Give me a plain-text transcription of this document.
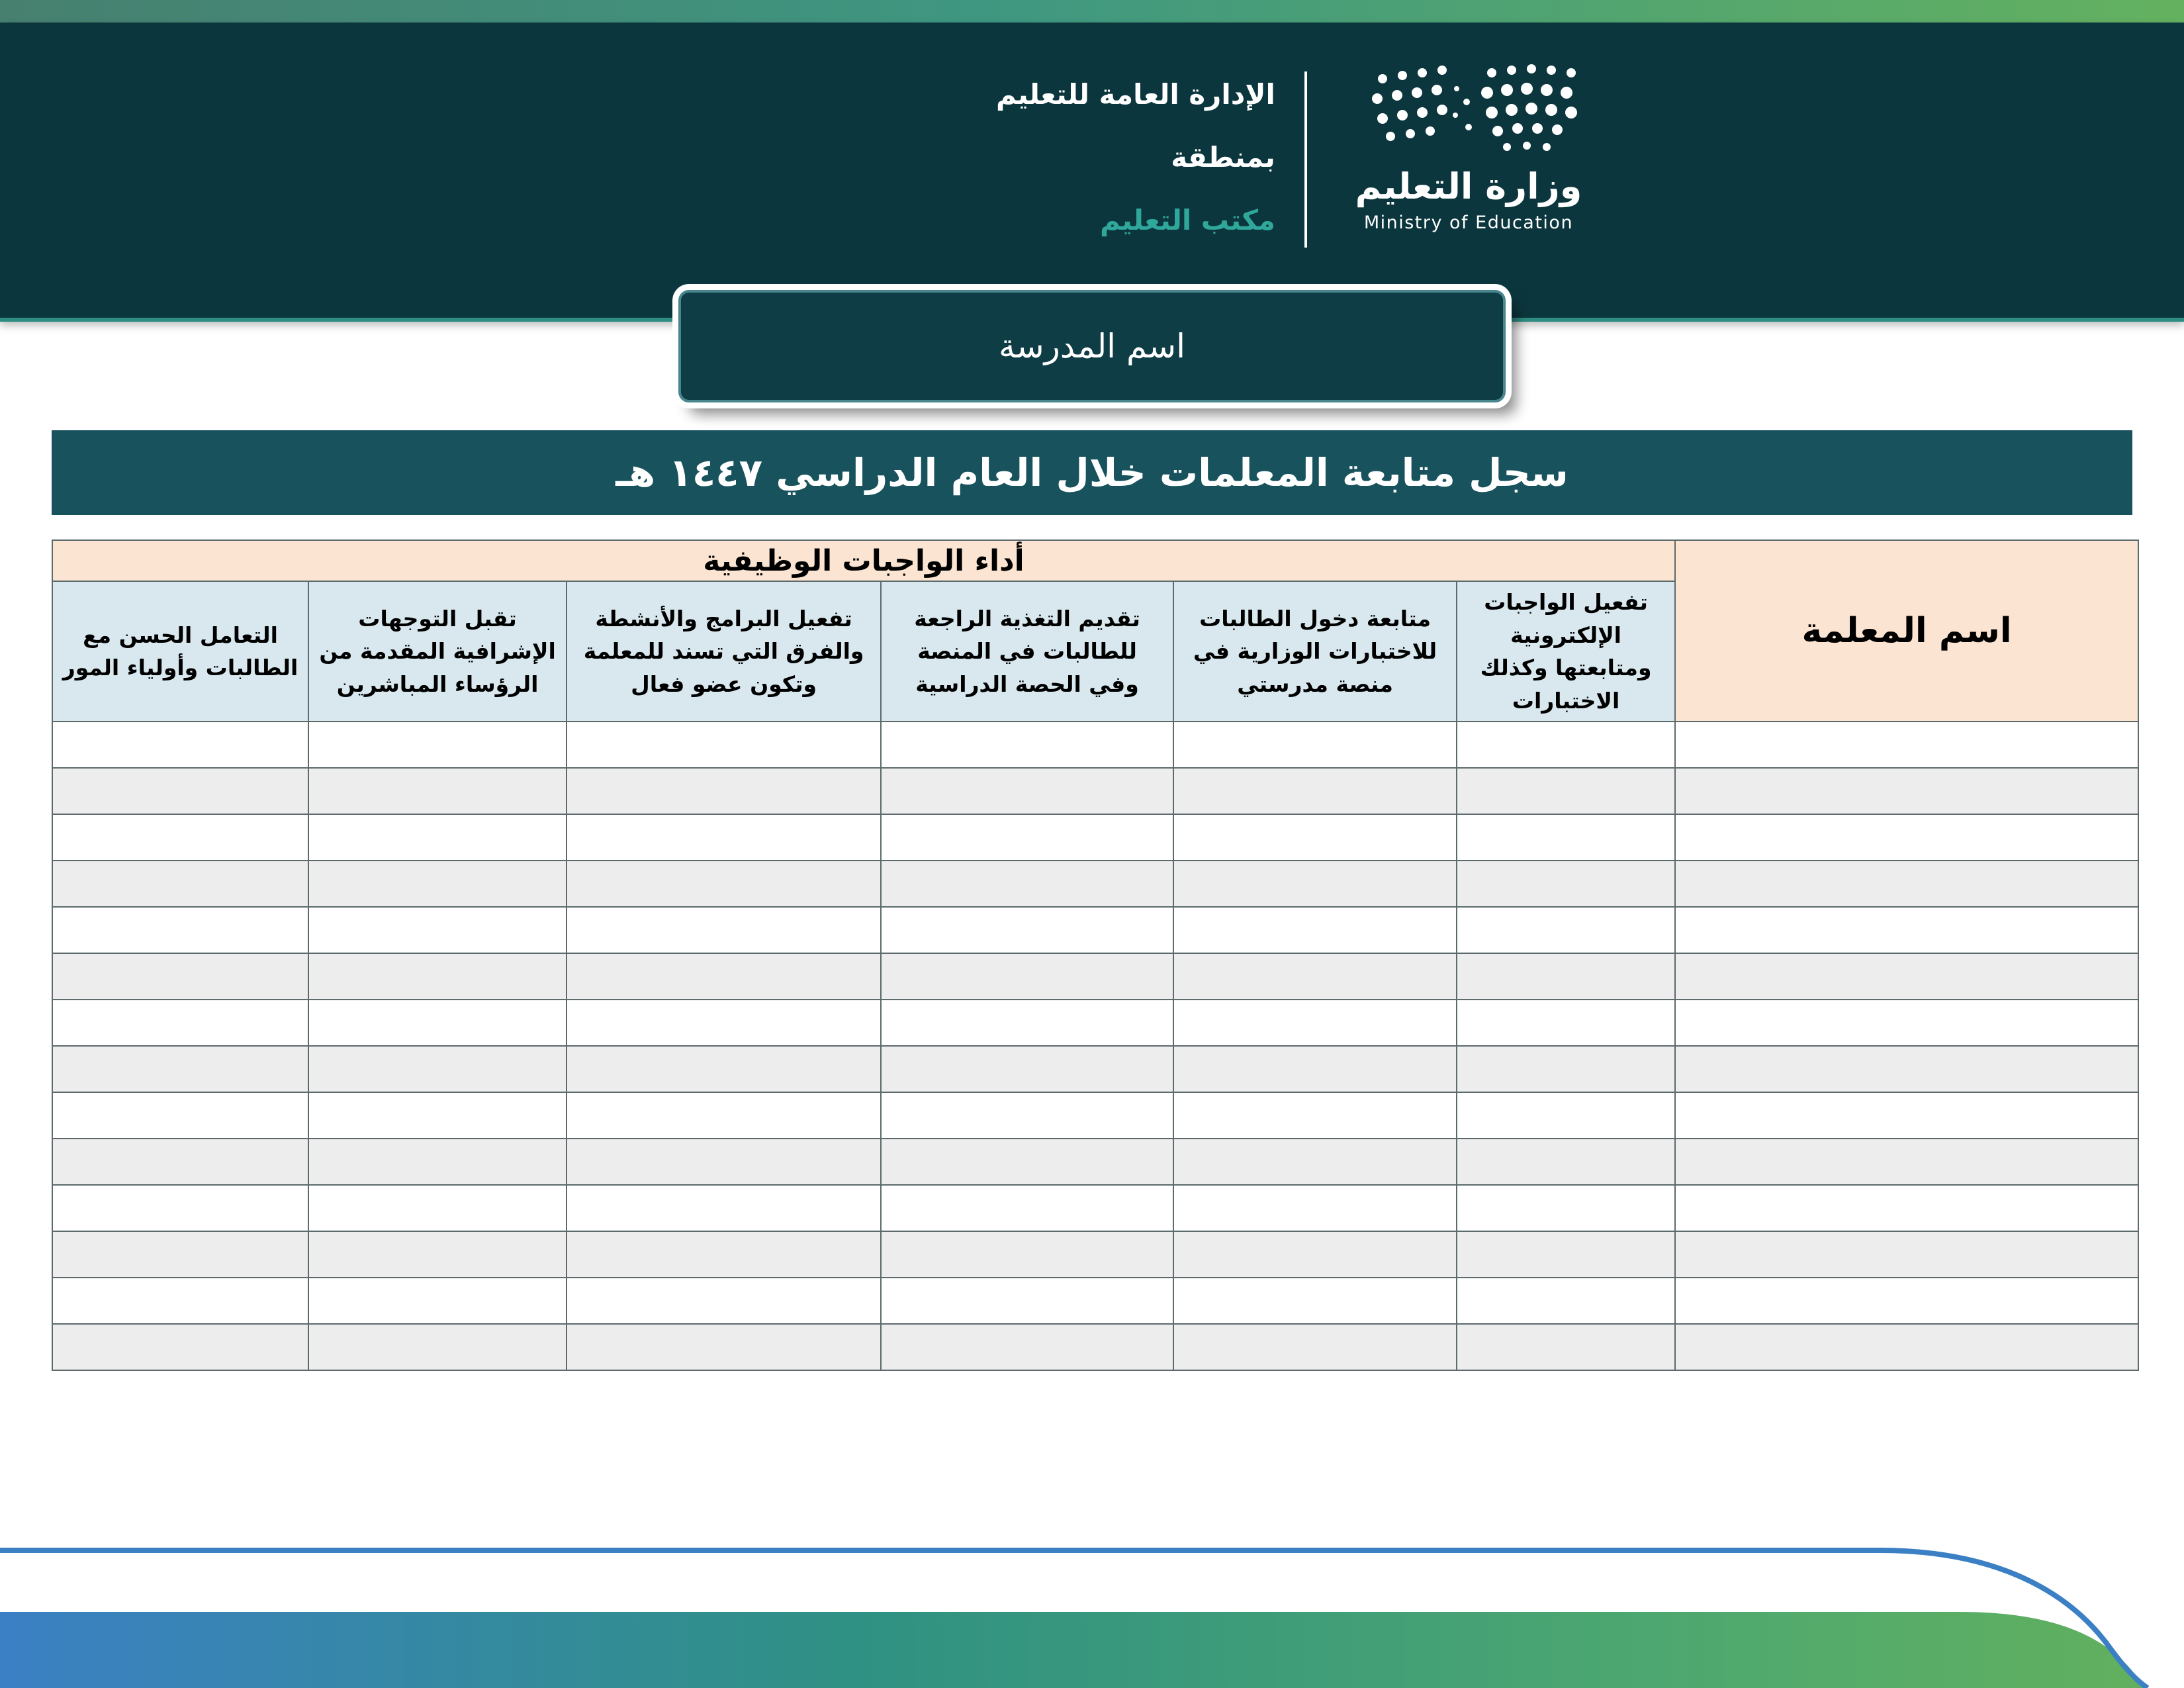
الإدارة العامة للتعليم
بمنطقة
مكتب التعليم
وزارة التعليم
Ministry of Education
اسم المدرسة
سجل متابعة المعلمات خلال العام الدراسي ١٤٤٧ هـ
اسم المعلمة	أداء الواجبات الوظيفية					
	تفعيل الواجبات الإلكترونية ومتابعتها وكذلك الاختبارات	متابعة دخول الطالبات للاختبارات الوزارية في منصة مدرستي	تقديم التغذية الراجعة للطالبات في المنصة وفي الحصة الدراسية	تفعيل البرامج والأنشطة والفرق التي تسند للمعلمة وتكون عضو فعال	تقبل التوجهات الإشرافية المقدمة من الرؤساء المباشرين	التعامل الحسن مع الطالبات وأولياء المور
